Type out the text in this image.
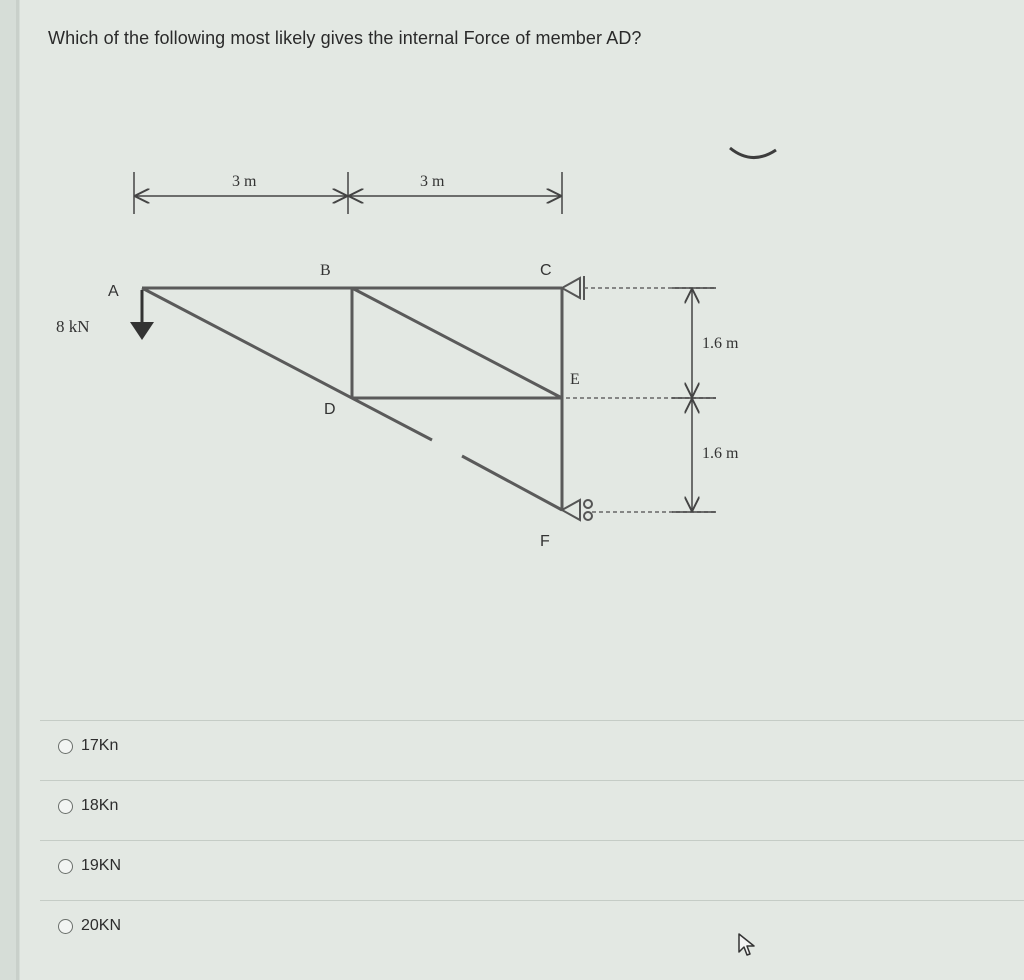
Which of the following most likely gives the internal Force of member AD?
3 m	3 m
1.6 m
1.6 m
8 kN
A
B	C
D
E
F
17Kn
18Kn
19KN
20KN
